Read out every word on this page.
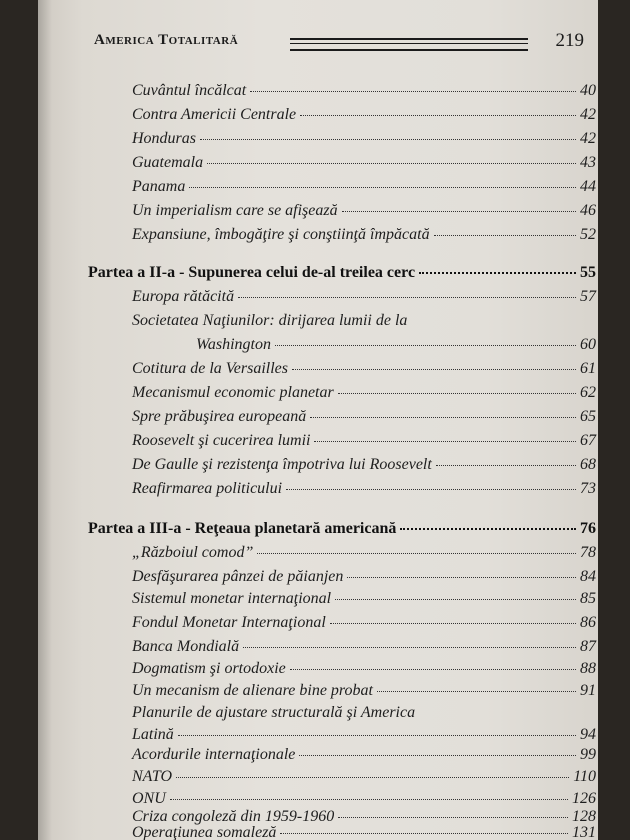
America Totalitară	219
Cuvântul încălcat	40
Contra Americii Centrale	42
Honduras	42
Guatemala	43
Panama	44
Un imperialism care se afişează	46
Expansiune, îmbogăţire şi conştiinţă împăcată	52
Partea a II-a - Supunerea celui de-al treilea cerc	55
Europa rătăcită	57
Societatea Naţiunilor: dirijarea lumii de la
Washington	60
Cotitura de la Versailles	61
Mecanismul economic planetar	62
Spre prăbuşirea europeană	65
Roosevelt şi cucerirea lumii	67
De Gaulle şi rezistenţa împotriva lui Roosevelt	68
Reafirmarea politicului	73
Partea a III-a - Reţeaua planetară americană	76
„Războiul comod”	78
Desfăşurarea pânzei de păianjen	84
Sistemul monetar internaţional	85
Fondul Monetar Internaţional	86
Banca Mondială	87
Dogmatism şi ortodoxie	88
Un mecanism de alienare bine probat	91
Planurile de ajustare structurală şi America
Latină	94
Acordurile internaţionale	99
NATO	110
ONU	126
Criza congoleză din 1959-1960	128
Operaţiunea somaleză	131
